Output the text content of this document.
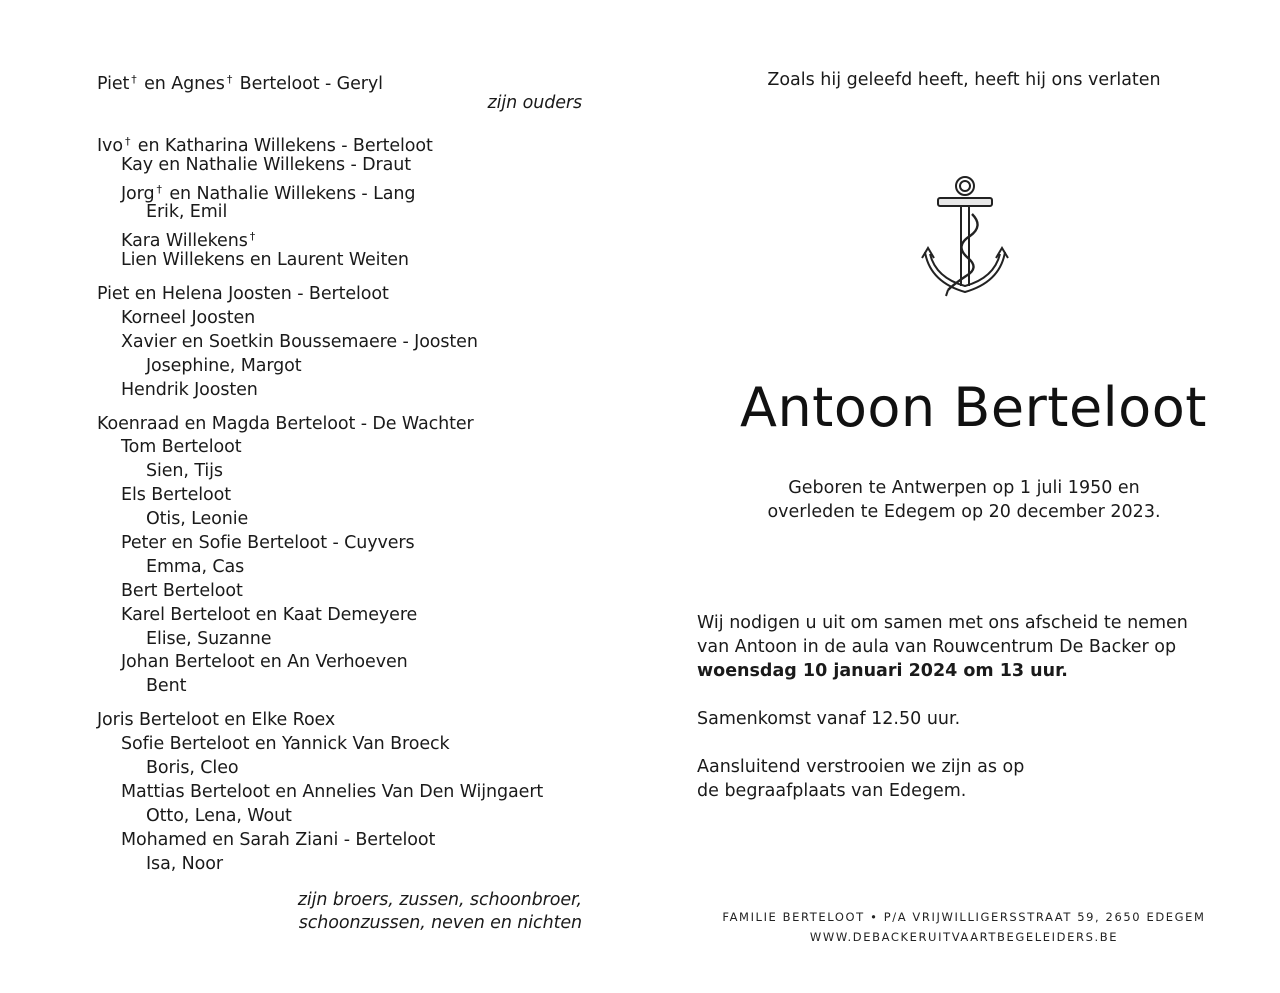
Piet † en Agnes † Berteloot - Geryl
zijn ouders
Ivo † en Katharina Willekens - Berteloot
Kay en Nathalie Willekens - Draut
Jorg † en Nathalie Willekens - Lang
Erik, Emil
Kara Willekens †
Lien Willekens en Laurent Weiten
Piet en Helena Joosten - Berteloot
Korneel Joosten
Xavier en Soetkin Boussemaere - Joosten
Josephine, Margot
Hendrik Joosten
Koenraad en Magda Berteloot - De Wachter
Tom Berteloot
Sien, Tijs
Els Berteloot
Otis, Leonie
Peter en Sofie Berteloot - Cuyvers
Emma, Cas
Bert Berteloot
Karel Berteloot en Kaat Demeyere
Elise, Suzanne
Johan Berteloot en An Verhoeven
Bent
Joris Berteloot en Elke Roex
Sofie Berteloot en Yannick Van Broeck
Boris, Cleo
Mattias Berteloot en Annelies Van Den Wijngaert
Otto, Lena, Wout
Mohamed en Sarah Ziani - Berteloot
Isa, Noor
zijn broers, zussen, schoonbroer,
schoonzussen, neven en nichten
Zoals hij geleefd heeft, heeft hij ons verlaten
Antoon Berteloot
Geboren te Antwerpen op 1 juli 1950 en
overleden te Edegem op 20 december 2023.

Wij nodigen u uit om samen met ons afscheid te nemen
van Antoon in de aula van Rouwcentrum De Backer op
woensdag 10 januari 2024 om 13 uur.

Samenkomst vanaf 12.50 uur.

Aansluitend verstrooien we zijn as op
de begraafplaats van Edegem.

FAMILIE BERTELOOT • P/A VRIJWILLIGERSSTRAAT 59, 2650 EDEGEM
WWW.DEBACKERUITVAARTBEGELEIDERS.BE
